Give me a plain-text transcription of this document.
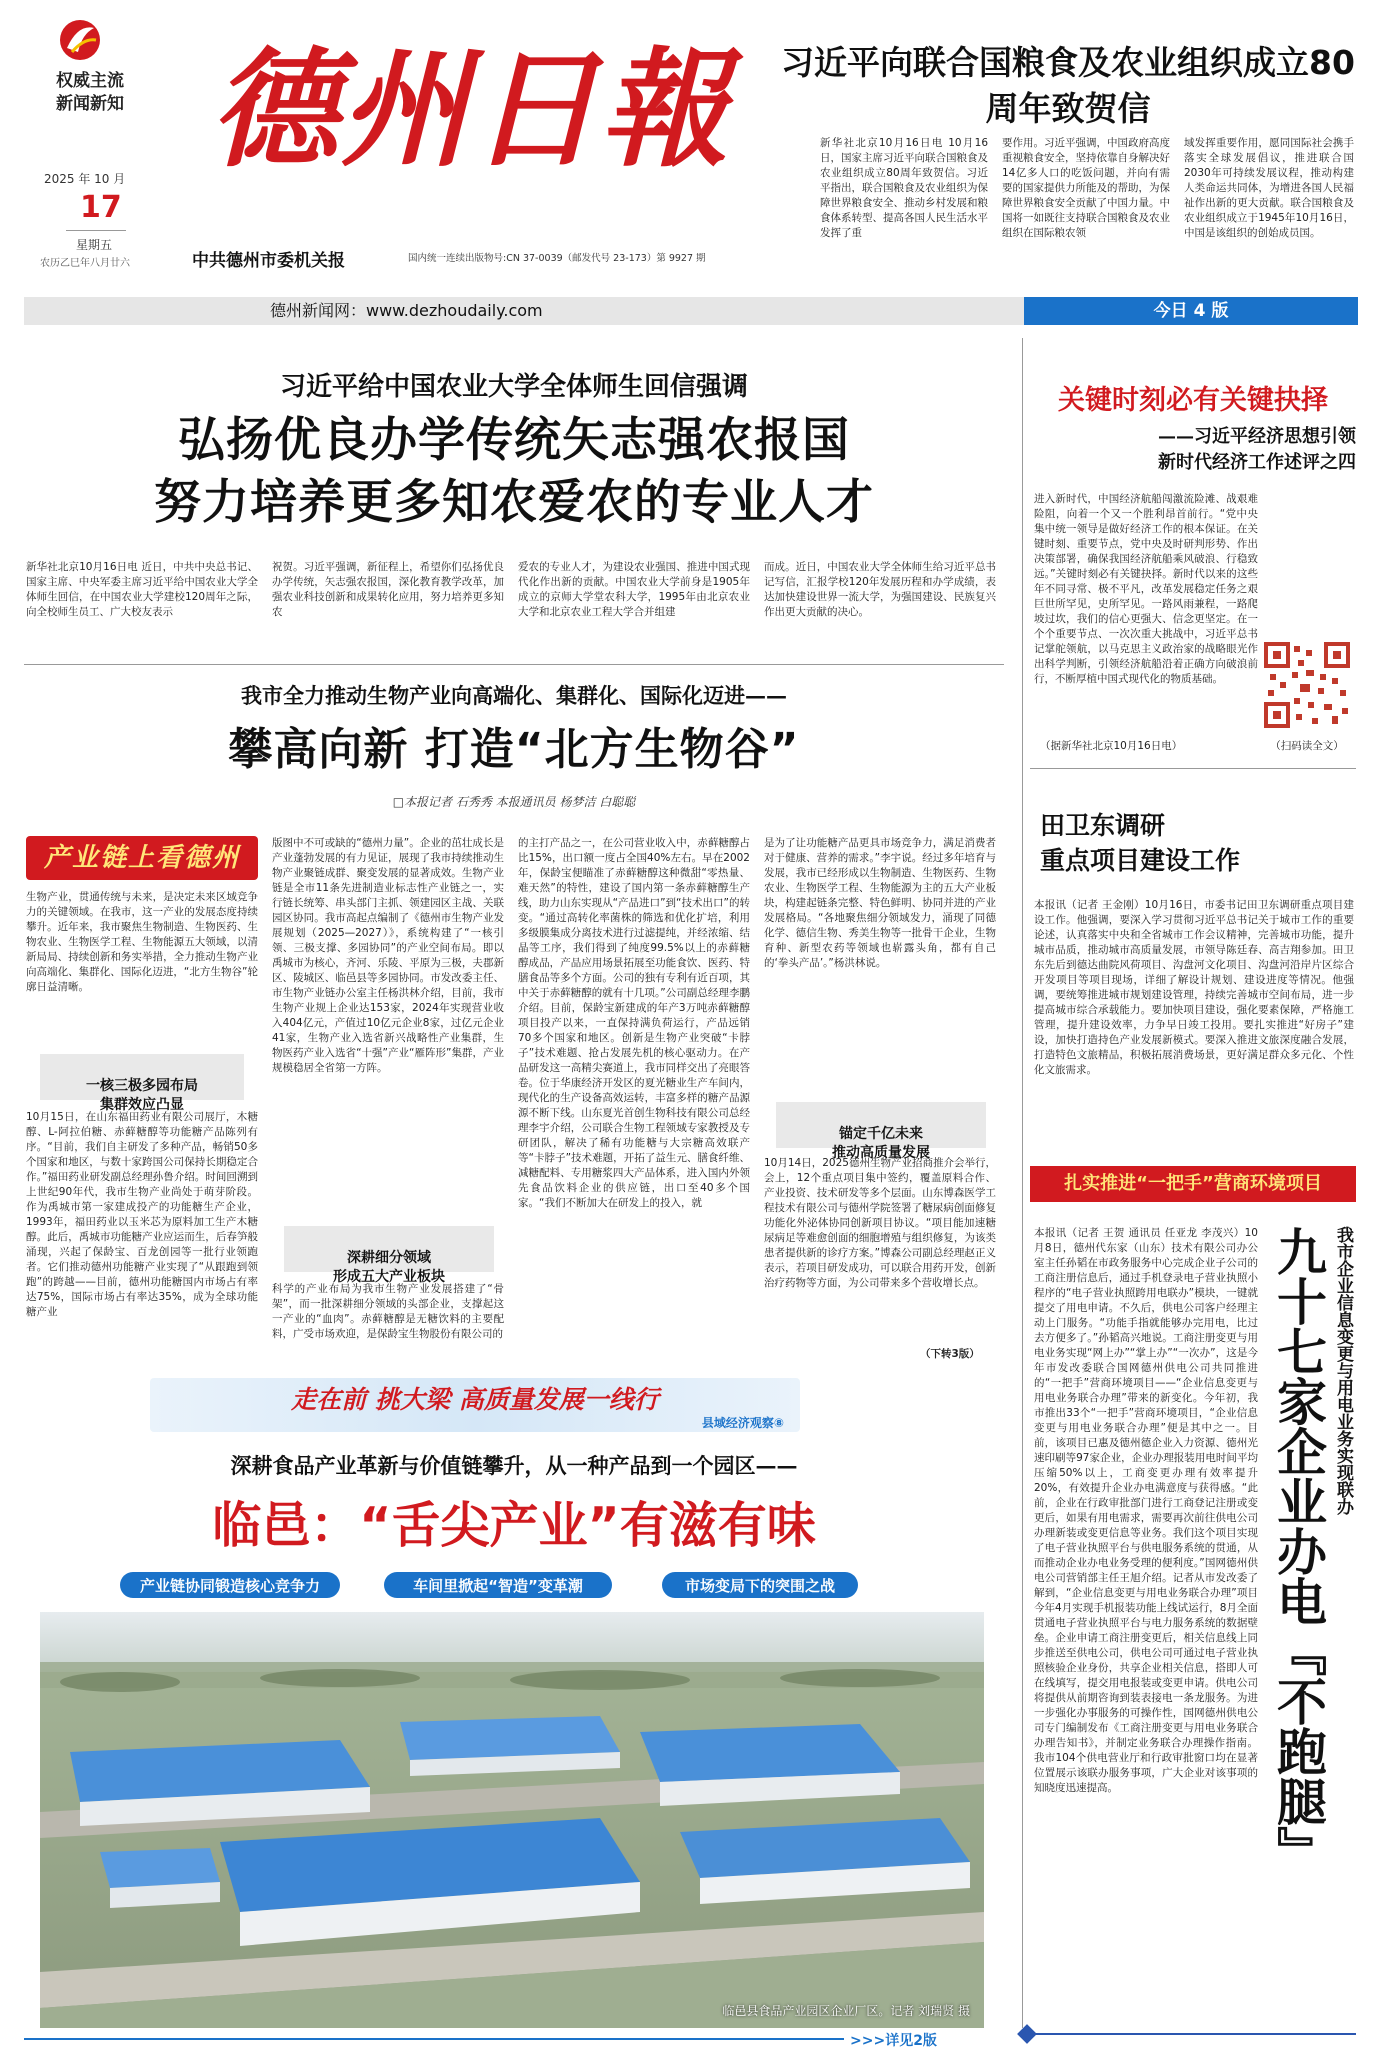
权威主流
新闻新知
2025 年 10 月
17
星期五
农历乙巳年八月廿六
德州日報
中共德州市委机关报	国内统一连续出版物号:CN 37-0039（邮发代号 23-173）第 9927 期
习近平向联合国粮食及农业组织成立80周年致贺信
新华社北京10月16日电 10月16日，国家主席习近平向联合国粮食及农业组织成立80周年致贺信。习近平指出，联合国粮食及农业组织为保障世界粮食安全、推动乡村发展和粮食体系转型、提高各国人民生活水平发挥了重
要作用。习近平强调，中国政府高度重视粮食安全，坚持依靠自身解决好14亿多人口的吃饭问题，并向有需要的国家提供力所能及的帮助，为保障世界粮食安全贡献了中国力量。中国将一如既往支持联合国粮食及农业组织在国际粮农领
域发挥重要作用，愿同国际社会携手落实全球发展倡议，推进联合国2030年可持续发展议程，推动构建人类命运共同体，为增进各国人民福祉作出新的更大贡献。联合国粮食及农业组织成立于1945年10月16日，中国是该组织的创始成员国。
德州新闻网：www.dezhoudaily.com	今日 4 版
习近平给中国农业大学全体师生回信强调
弘扬优良办学传统矢志强农报国
努力培养更多知农爱农的专业人才
新华社北京10月16日电 近日，中共中央总书记、国家主席、中央军委主席习近平给中国农业大学全体师生回信，在中国农业大学建校120周年之际，向全校师生员工、广大校友表示
祝贺。习近平强调，新征程上，希望你们弘扬优良办学传统，矢志强农报国，深化教育教学改革，加强农业科技创新和成果转化应用，努力培养更多知农
爱农的专业人才，为建设农业强国、推进中国式现代化作出新的贡献。中国农业大学前身是1905年成立的京师大学堂农科大学，1995年由北京农业大学和北京农业工程大学合并组建
而成。近日，中国农业大学全体师生给习近平总书记写信，汇报学校120年发展历程和办学成绩，表达加快建设世界一流大学，为强国建设、民族复兴作出更大贡献的决心。
关键时刻必有关键抉择
——习近平经济思想引领
新时代经济工作述评之四
进入新时代，中国经济航船闯激流险滩、战艰难险阻，向着一个又一个胜利昂首前行。“党中央集中统一领导是做好经济工作的根本保证。在关键时刻、重要节点，党中央及时研判形势、作出决策部署，确保我国经济航船乘风破浪、行稳致远。”关键时刻必有关键抉择。新时代以来的这些年不同寻常、极不平凡，改革发展稳定任务之艰巨世所罕见，史所罕见。一路风雨兼程，一路爬坡过坎，我们的信心更强大、信念更坚定。在一个个重要节点、一次次重大挑战中，习近平总书记掌舵领航，以马克思主义政治家的战略眼光作出科学判断，引领经济航船沿着正确方向破浪前行，不断厚植中国式现代化的物质基础。
（据新华社北京10月16日电）	（扫码读全文）
田卫东调研
重点项目建设工作
本报讯（记者 王金刚）10月16日，市委书记田卫东调研重点项目建设工作。他强调，要深入学习贯彻习近平总书记关于城市工作的重要论述，认真落实中央和全省城市工作会议精神，完善城市功能，提升城市品质，推动城市高质量发展，市领导陈廷春、高吉翔参加。田卫东先后到德达曲院风荷项目、沟盘河文化项目、沟盘河沿岸片区综合开发项目等项目现场，详细了解设计规划、建设进度等情况。他强调，要统筹推进城市规划建设管理，持续完善城市空间布局，进一步提高城市综合承载能力。要加快项目建设，强化要素保障，严格施工管理，提升建设效率，力争早日竣工投用。要扎实推进“好房子”建设，加快打造持色产业发展新模式。要深入推进文旅深度融合发展，打造特色文旅精品，积极拓展消费场景，更好满足群众多元化、个性化文旅需求。
扎实推进“一把手”营商环境项目
我市企业信息变更与用电业务实现联办
九十七家企业办电『不跑腿』
本报讯（记者 王贺 通讯员 任亚龙 李茂兴）10月8日，德州代东家（山东）技术有限公司办公室主任孙韬在市政务服务中心完成企业子公司的工商注册信息后，通过手机登录电子营业执照小程序的“电子营业执照跨用电联办”模块，一键就提交了用电申请。不久后，供电公司客户经理主动上门服务。“功能手指就能够办完用电，比过去方便多了。”孙韬高兴地说。工商注册变更与用电业务实现“网上办”“掌上办”“一次办”，这是今年市发改委联合国网德州供电公司共同推进的“一把手”营商环境项目——“企业信息变更与用电业务联合办理”带来的新变化。今年初，我市推出33个“一把手”营商环境项目，“企业信息变更与用电业务联合办理”便是其中之一。目前，该项目已惠及德州德企业入力资源、德州光速印刷等97家企业，企业办理报装用电时间平均压缩50%以上，工商变更办理有效率提升20%，有效提升企业办电满意度与获得感。“此前，企业在行政审批部门进行工商登记注册或变更后，如果有用电需求，需要再次前往供电公司办理新装或变更信息等业务。我们这个项目实现了电子营业执照平台与供电服务系统的贯通，从而推动企业办电业务受理的便利度。”国网德州供电公司营销部主任王旭介绍。记者从市发改委了解到，“企业信息变更与用电业务联合办理”项目今年4月实现手机报装功能上线试运行，8月全面贯通电子营业执照平台与电力服务系统的数据壁垒。企业申请工商注册变更后，相关信息线上同步推送至供电公司，供电公司可通过电子营业执照核验企业身份，共享企业相关信息，搭即人可在线填写，提交用电报装或变更申请。供电公司将提供从前期咨询到装表接电一条龙服务。为进一步强化办事服务的可操作性，国网德州供电公司专门编制发布《工商注册变更与用电业务联合办理告知书》，并制定业务联合办理操作指南。我市104个供电营业厅和行政审批窗口均在显著位置展示该联办服务事项，广大企业对该事项的知晓度迅速提高。
我市全力推动生物产业向高端化、集群化、国际化迈进——
攀高向新 打造“北方生物谷”
□本报记者 石秀秀 本报通讯员 杨梦洁 白聪聪
产业链上看德州
生物产业，贯通传统与未来，是决定未来区域竞争力的关键领域。在我市，这一产业的发展态度持续攀升。近年来，我市聚焦生物制造、生物医药、生物农业、生物医学工程、生物能源五大领域，以清新局局、持续创新和务实举措，全力推动生物产业向高端化、集群化、国际化迈进，“北方生物谷”轮廓日益清晰。

一核三极多园布局
集群效应凸显

10月15日，在山东福田药业有限公司展厅，木糖醇、L-阿拉伯糖、赤藓糖醇等功能糖产品陈列有序。“目前，我们自主研发了多种产品，畅销50多个国家和地区，与数十家跨国公司保持长期稳定合作。”福田药业研发副总经理孙鲁介绍。时间回溯到上世纪90年代，我市生物产业尚处于萌芽阶段。作为禹城市第一家建成投产的功能糖生产企业，1993年，福田药业以玉米芯为原料加工生产木糖醇。此后，禹城市功能糖产业应运而生，后春笋般涌现，兴起了保龄宝、百龙创园等一批行业领跑者。它们推动德州功能糖产业实现了“从跟跑到领跑”的跨越——目前，德州功能糖国内市场占有率达75%，国际市场占有率达35%，成为全球功能糖产业
版图中不可或缺的“德州力量”。企业的茁壮成长是产业蓬勃发展的有力见证，展现了我市持续推动生物产业聚链成群、聚变发展的显著成效。生物产业链是全市11条先进制造业标志性产业链之一，实行链长统筹、串头部门主抓、领建园区主战、关联园区协同。我市高起点编制了《德州市生物产业发展规划（2025—2027）》，系统构建了“一核引领、三极支撑、多园协同”的产业空间布局。即以禹城市为核心，齐河、乐陵、平原为三极，夫郡新区、陵城区、临邑县等多园协同。市发改委主任、市生物产业链办公室主任杨洪林介绍，目前，我市生物产业规上企业达153家，2024年实现营业收入404亿元，产值过10亿元企业8家，过亿元企业41家，生物产业入选省新兴战略性产业集群，生物医药产业入选省“十强”产业“雁阵形”集群，产业规模稳居全省第一方阵。

深耕细分领域
形成五大产业板块

科学的产业布局为我市生物产业发展搭建了“骨架”，而一批深耕细分领域的头部企业，支撑起这一产业的“血肉”。赤藓糖醇是无糖饮料的主要配料，广受市场欢迎，是保龄宝生物股份有限公司的
的主打产品之一，在公司营业收入中，赤藓糖醇占比15%，出口额一度占全国40%左右。早在2002年，保龄宝便瞄准了赤藓糖醇这种微甜“零热量、难天然”的特性，建设了国内第一条赤藓糖醇生产线，助力山东实现从“产品进口”到“技术出口”的转变。“通过高转化率菌株的筛选和优化扩培，利用多级膜集成分离技术进行过滤提纯，并经浓缩、结晶等工序，我们得到了纯度99.5%以上的赤藓糖醇成品，产品应用场景拓展至功能食饮、医药、特膳食品等多个方面。公司的独有专利有近百项，其中关于赤藓糖醇的就有十几项。”公司副总经理李鹏介绍。目前，保龄宝新建成的年产3万吨赤藓糖醇项目投产以来，一直保持满负荷运行，产品远销70多个国家和地区。创新是生物产业突破“卡脖子”技术难题、抢占发展先机的核心驱动力。在产品研发这一高精尖赛道上，我市同样交出了亮眼答卷。位于华康经济开发区的夏光糖业生产车间内，现代化的生产设备高效运转，丰富多样的糖产品源源不断下线。山东夏光首创生物科技有限公司总经理李宇介绍，公司联合生物工程领域专家教授及专研团队，解决了稀有功能糖与大宗糖高效联产等“卡脖子”技术难题，开拓了益生元、膳食纤维、减糖配料、专用糖浆四大产品体系，进入国内外领先食品饮料企业的供应链，出口至40多个国家。“我们不断加大在研发上的投入，就
是为了让功能糖产品更具市场竞争力，满足消费者对于健康、营养的需求。”李宇说。经过多年培育与发展，我市已经形成以生物制造、生物医药、生物农业、生物医学工程、生物能源为主的五大产业板块，构建起链条完整、特色鲜明、协同并进的产业发展格局。“各地聚焦细分领域发力，涌现了同德化学、德信生物、秀美生物等一批骨干企业，生物育种、新型农药等领域也崭露头角，都有自己的‘拳头产品’。”杨洪林说。

锚定千亿未来
推动高质量发展

10月14日，2025德州生物产业招商推介会举行，会上，12个重点项目集中签约，覆盖原料合作、产业投资、技术研发等多个层面。山东博森医学工程技术有限公司与德州学院签署了糖尿病创面修复功能化外泌体协同创新项目协议。“项目能加速糖尿病足等难愈创面的细胞增殖与组织修复，为该类患者提供新的诊疗方案。”博森公司副总经理赵正义表示，若项目研发成功，可以联合用药开发，创新治疗药物等方面，为公司带来多个营收增长点。
（下转3版）
走在前 挑大梁 高质量发展一线行
县域经济观察⑧
深耕食品产业革新与价值链攀升，从一种产品到一个园区——
临邑：“舌尖产业”有滋有味
产业链协同锻造核心竞争力	车间里掀起“智造”变革潮	市场变局下的突围之战
临邑县食品产业园区企业厂区。记者 刘瑞贤 摄
>>>详见2版
